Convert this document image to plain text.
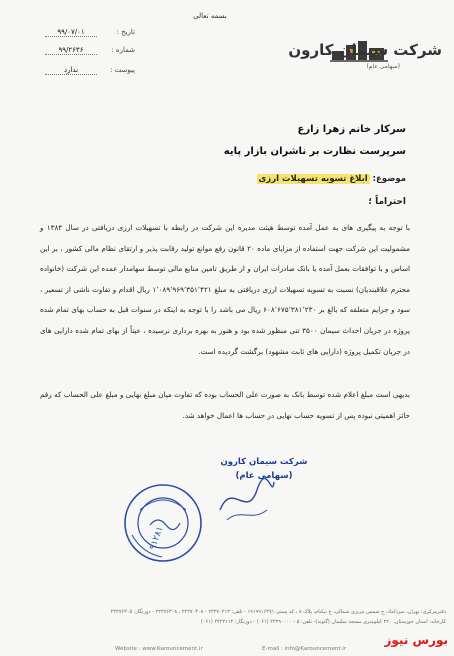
بسمه تعالی
شرکت سیمان کارون
(سهامی عام)
تاریخ :
۹۹/۰۷/۰۱
شماره :
۹۹/۲۶۳۶
پیوست :
ندارد
سرکار خانم زهرا زارع
سرپرست نظارت بر ناشران بازار پایه
موضوع: ابلاغ تسویه تسهیلات ارزی
احتراماً ؛

با توجه به پیگیری های به عمل آمده توسط هیئت مدیره این شرکت در رابطه با تسهیلات ارزی دریافتی در سال ۱۳۸۴ و مشمولیت این شرکت جهت استفاده از مزایای ماده ۲۰ قانون رفع موانع تولید رقابت پذیر و ارتقای نظام مالی کشور ، بر این اساس و با توافقات بعمل آمده با بانک صادرات ایران و از طریق تامین منابع مالی توسط سهامدار عمده این شرکت (خانواده محترم علاقبندیان) نسبت به تسویه تسهیلات ارزی دریافتی به مبلغ ۱٬۰۸۹٬۹۶۹٬۳۵۱٬۴۲۱ ریال اقدام و تفاوت ناشی از تسعیر ، سود و جرایم متعلقه که بالغ بر ۶۰۸٬۶۷۵٬۳۸۱٬۲۳۰ ریال می باشد را با توجه به اینکه در سنوات قبل به حساب بهای تمام شده پروژه در جریان احداث سیمان ۳۵۰۰ تنی منظور شده بود و هنوز به بهره برداری نرسیده ، عیناً از بهای تمام شده دارایی های در جریان تکمیل پروژه (دارایی های ثابت مشهود) برگشت گردیده است.

بدیهی است مبلغ اعلام شده توسط بانک به صورت علی الحساب بوده که تفاوت میان مبلغ نهایی و مبلغ علی الحساب که رقم حائز اهمیتی نبوده پس از تسویه حساب نهایی در حساب ها اعمال خواهد شد.

شرکت سیمان کارون
(سهامی عام)
۹۱۲۸۱
دفترمرکزی: تهران، میرداماد، خ شمس تبریزی شمالی، خ نیکنام، پلاک ۸ ، کد پستی ۱۹۱۹۹۱۶۳۷۱ - تلفن: ۲۲۲۷۰۲۱۳ - ۲۲۲۷۰۳۰۸ ، ۲۲۲۷۶۳۰۸ - دورنگار: ۲۲۲۷۶۳۰۵
کارخانه: استان خوزستان، ۲۲۰ کیلومتری مسجد سلیمان (گتوند)- تلفن: ۵ - ۲۲۲۹۰۰۰۰ (۰۶۱) - دورنگار: ۲۲۲۲۱۱۲ (۰۶۱)
Website : www.Karouncement.ir	E-mail : info@Karouncement.ir
بورس نیوز
